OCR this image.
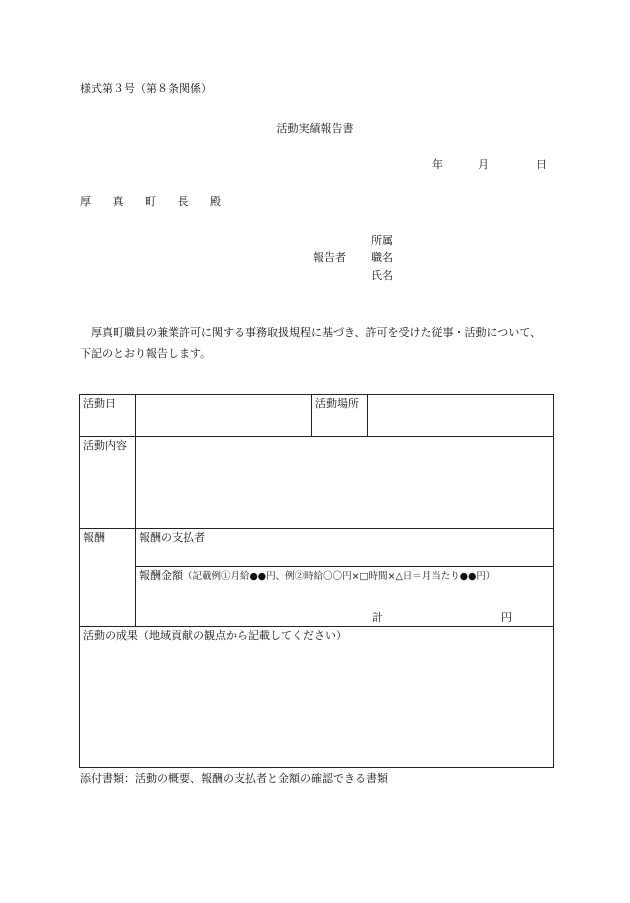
様式第３号（第８条関係）
活動実績報告書
年	月	日
厚 真 町 長 殿
報告者
所属
職名
氏名
厚真町職員の兼業許可に関する事務取扱規程に基づき、許可を受けた従事・活動について、下記のとおり報告します。
活動日		活動場所	
活動内容			
報酬	報酬の支払者		
	報酬金額（記載例①月給●●円、例②時給〇〇円×□時間×△日＝月当たり●●円）
計 円		

活動の成果（地域貢献の観点から記載してください）			
添付書類：活動の概要、報酬の支払者と金額の確認できる書類
